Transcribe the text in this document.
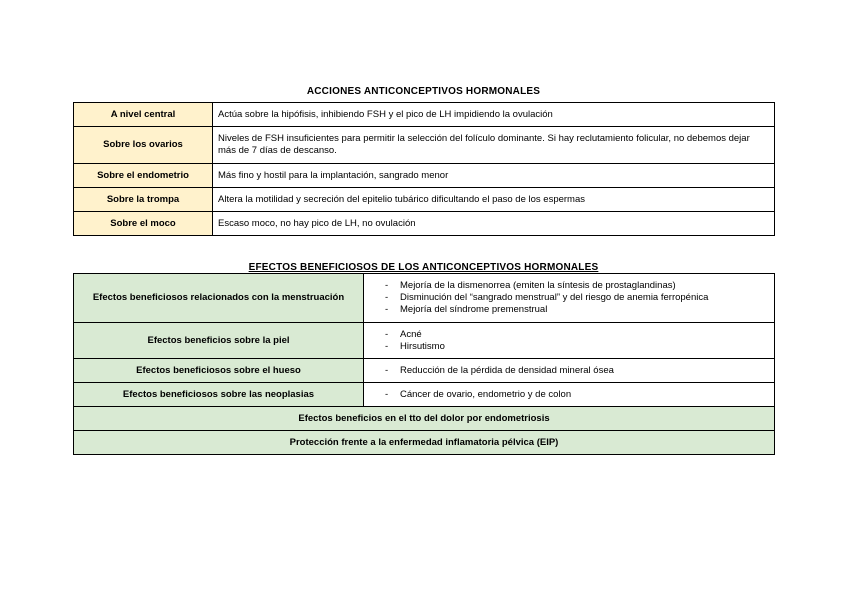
ACCIONES ANTICONCEPTIVOS HORMONALES
A nivel central	Actúa sobre la hipófisis, inhibiendo FSH y el pico de LH impidiendo la ovulación
Sobre los ovarios	Niveles de FSH insuficientes para permitir la selección del folículo dominante. Si hay reclutamiento folicular, no debemos dejar más de 7 días de descanso.
Sobre el endometrio	Más fino y hostil para la implantación, sangrado menor
Sobre la trompa	Altera la motilidad y secreción del epitelio tubárico dificultando el paso de los espermas
Sobre el moco	Escaso moco, no hay pico de LH, no ovulación
EFECTOS BENEFICIOSOS DE LOS ANTICONCEPTIVOS HORMONALES
Efectos beneficiosos relacionados con la menstruación	- Mejoría de la dismenorrea (emiten la síntesis de prostaglandinas)
- Disminución del “sangrado menstrual” y del riesgo de anemia ferropénica
- Mejoría del síndrome premenstrual

Efectos beneficios sobre la piel	- Acné
- Hirsutismo

Efectos beneficiosos sobre el hueso	- Reducción de la pérdida de densidad mineral ósea

Efectos beneficiosos sobre las neoplasias	- Cáncer de ovario, endometrio y de colon

Efectos beneficios en el tto del dolor por endometriosis	
Protección frente a la enfermedad inflamatoria pélvica (EIP)	
